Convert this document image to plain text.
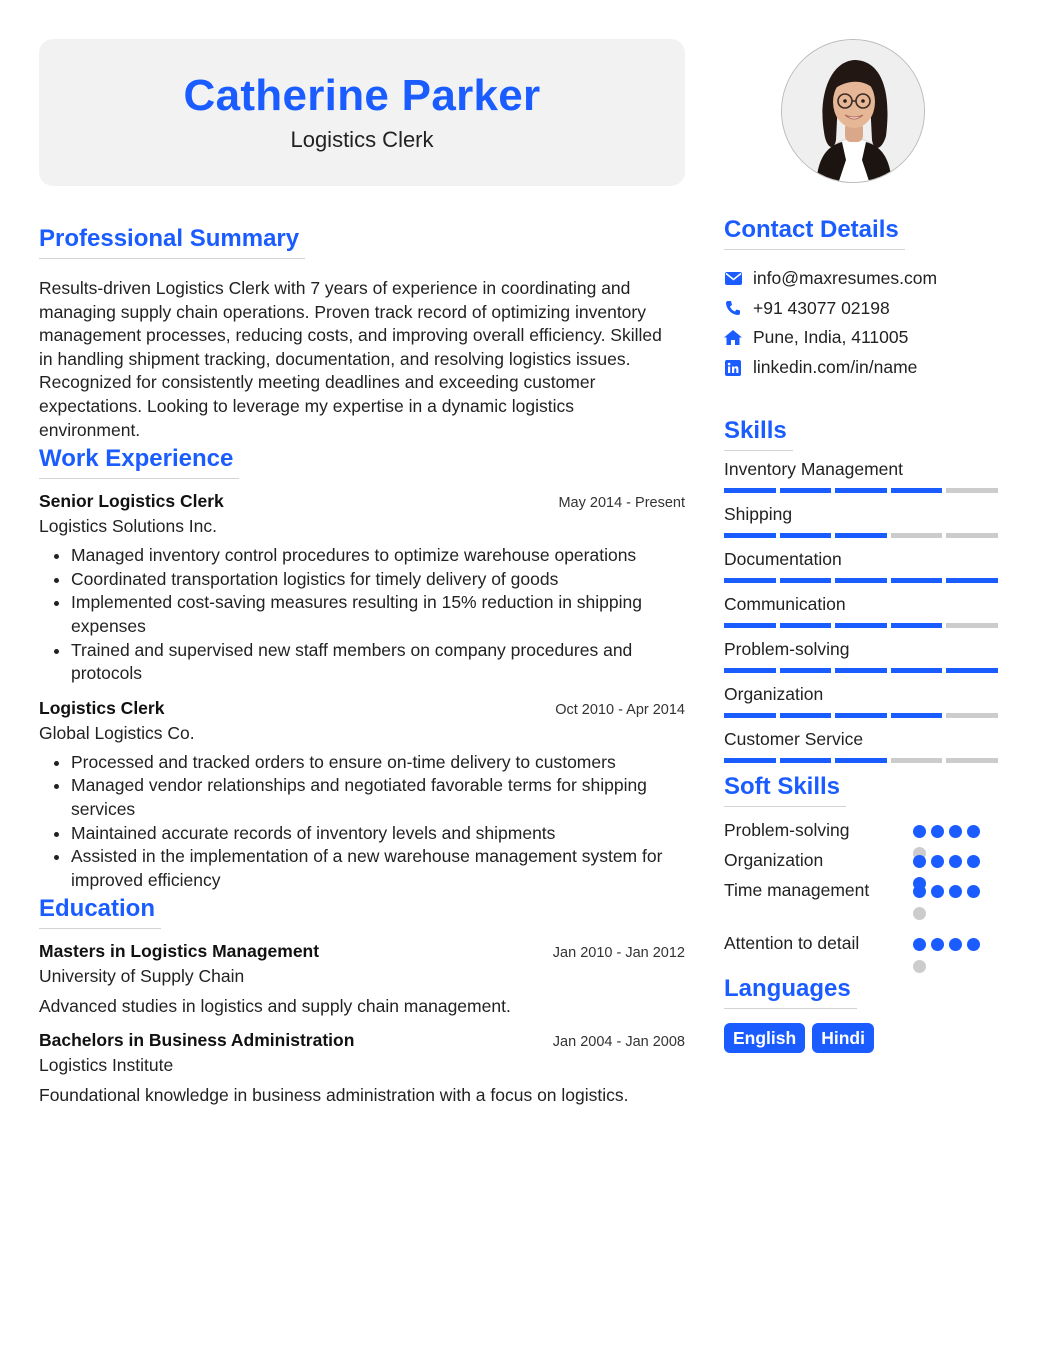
Catherine Parker
Logistics Clerk
Professional Summary
Results-driven Logistics Clerk with 7 years of experience in coordinating and
managing supply chain operations. Proven track record of optimizing inventory
management processes, reducing costs, and improving overall efficiency. Skilled
in handling shipment tracking, documentation, and resolving logistics issues.
Recognized for consistently meeting deadlines and exceeding customer
expectations. Looking to leverage my expertise in a dynamic logistics
environment.
Work Experience
Senior Logistics Clerk	May 2014 - Present
Logistics Solutions Inc.
• Managed inventory control procedures to optimize warehouse operations
• Coordinated transportation logistics for timely delivery of goods
• Implemented cost-saving measures resulting in 15% reduction in shipping expenses
• Trained and supervised new staff members on company procedures and protocols
Logistics Clerk	Oct 2010 - Apr 2014
Global Logistics Co.
• Processed and tracked orders to ensure on-time delivery to customers
• Managed vendor relationships and negotiated favorable terms for shipping services
• Maintained accurate records of inventory levels and shipments
• Assisted in the implementation of a new warehouse management system for improved efficiency
Education
Masters in Logistics Management	Jan 2010 - Jan 2012
University of Supply Chain
Advanced studies in logistics and supply chain management.
Bachelors in Business Administration	Jan 2004 - Jan 2008
Logistics Institute
Foundational knowledge in business administration with a focus on logistics.
Contact Details
info@maxresumes.com
+91 43077 02198
Pune, India, 411005
linkedin.com/in/name
Skills
Inventory Management
Shipping
Documentation
Communication
Problem-solving
Organization
Customer Service
Soft Skills
Problem-solving
Organization
Time management
Attention to detail
Languages
English	Hindi
